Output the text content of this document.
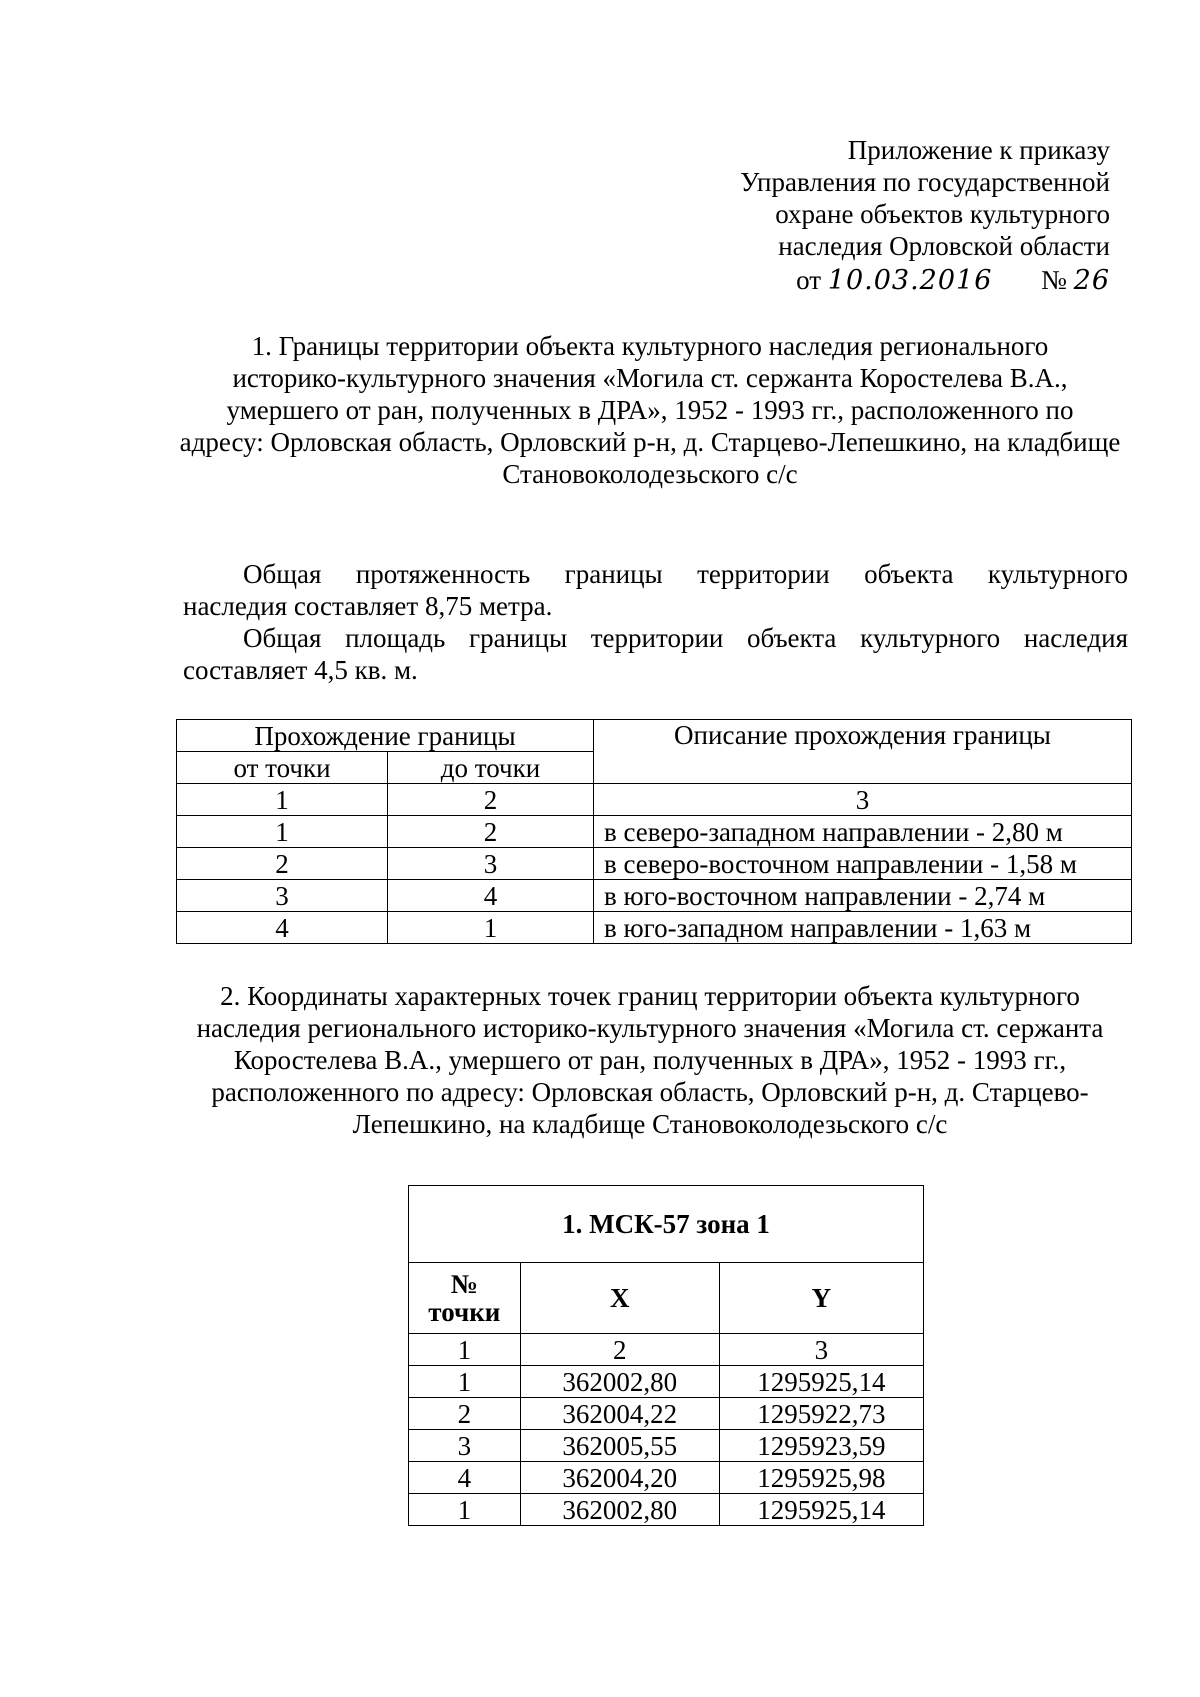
Приложение к приказу
Управления по государственной
охране объектов культурного
наследия Орловской области
от 10.03.2016 № 26
1. Границы территории объекта культурного наследия регионального
историко-культурного значения «Могила ст. сержанта Коростелева В.А.,
умершего от ран, полученных в ДРА», 1952 - 1993 гг., расположенного по
адресу: Орловская область, Орловский р-н, д. Старцево-Лепешкино, на кладбище
Становоколодезьского с/с
Общая протяженность границы территории объекта культурного
наследия составляет 8,75 метра.
Общая площадь границы территории объекта культурного наследия
составляет 4,5 кв. м.
Прохождение границы		Описание прохождения границы
от точки	до точки	
1	2	3
1	2	в северо-западном направлении - 2,80 м
2	3	в северо-восточном направлении - 1,58 м
3	4	в юго-восточном направлении - 2,74 м
4	1	в юго-западном направлении - 1,63 м
2. Координаты характерных точек границ территории объекта культурного
наследия регионального историко-культурного значения «Могила ст. сержанта
Коростелева В.А., умершего от ран, полученных в ДРА», 1952 - 1993 гг.,
расположенного по адресу: Орловская область, Орловский р-н, д. Старцево-
Лепешкино, на кладбище Становоколодезьского с/с
1. МСК-57 зона 1		

№
точки	X	Y
1	2	3
1	362002,80	1295925,14
2	362004,22	1295922,73
3	362005,55	1295923,59
4	362004,20	1295925,98
1	362002,80	1295925,14
